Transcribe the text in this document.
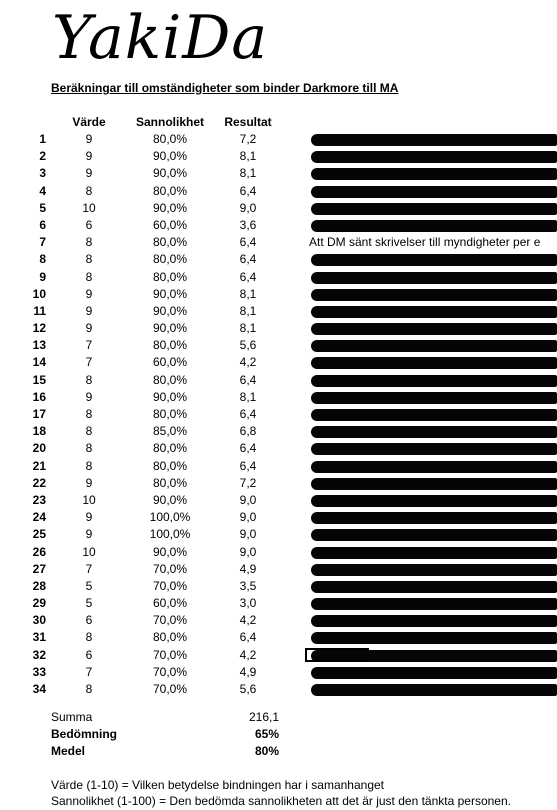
YakiDa
Beräkningar till omständigheter som binder Darkmore till MA
Värde	Sannolikhet	Resultat
1	9	80,0%	7,2
2	9	90,0%	8,1
3	9	90,0%	8,1
4	8	80,0%	6,4
5	10	90,0%	9,0
6	6	60,0%	3,6
7	8	80,0%	6,4	Att DM sänt skrivelser till myndigheter per e
8	8	80,0%	6,4
9	8	80,0%	6,4
10	9	90,0%	8,1
11	9	90,0%	8,1
12	9	90,0%	8,1
13	7	80,0%	5,6
14	7	60,0%	4,2
15	8	80,0%	6,4
16	9	90,0%	8,1
17	8	80,0%	6,4
18	8	85,0%	6,8
20	8	80,0%	6,4
21	8	80,0%	6,4
22	9	80,0%	7,2
23	10	90,0%	9,0
24	9	100,0%	9,0
25	9	100,0%	9,0
26	10	90,0%	9,0
27	7	70,0%	4,9
28	5	70,0%	3,5
29	5	60,0%	3,0
30	6	70,0%	4,2
31	8	80,0%	6,4
32	6	70,0%	4,2
33	7	70,0%	4,9
34	8	70,0%	5,6
Summa	216,1
Bedömning	65%
Medel	80%
Värde (1-10) = Vilken betydelse bindningen har i samanhanget
Sannolikhet (1-100) = Den bedömda sannolikheten att det är just den tänkta personen.
